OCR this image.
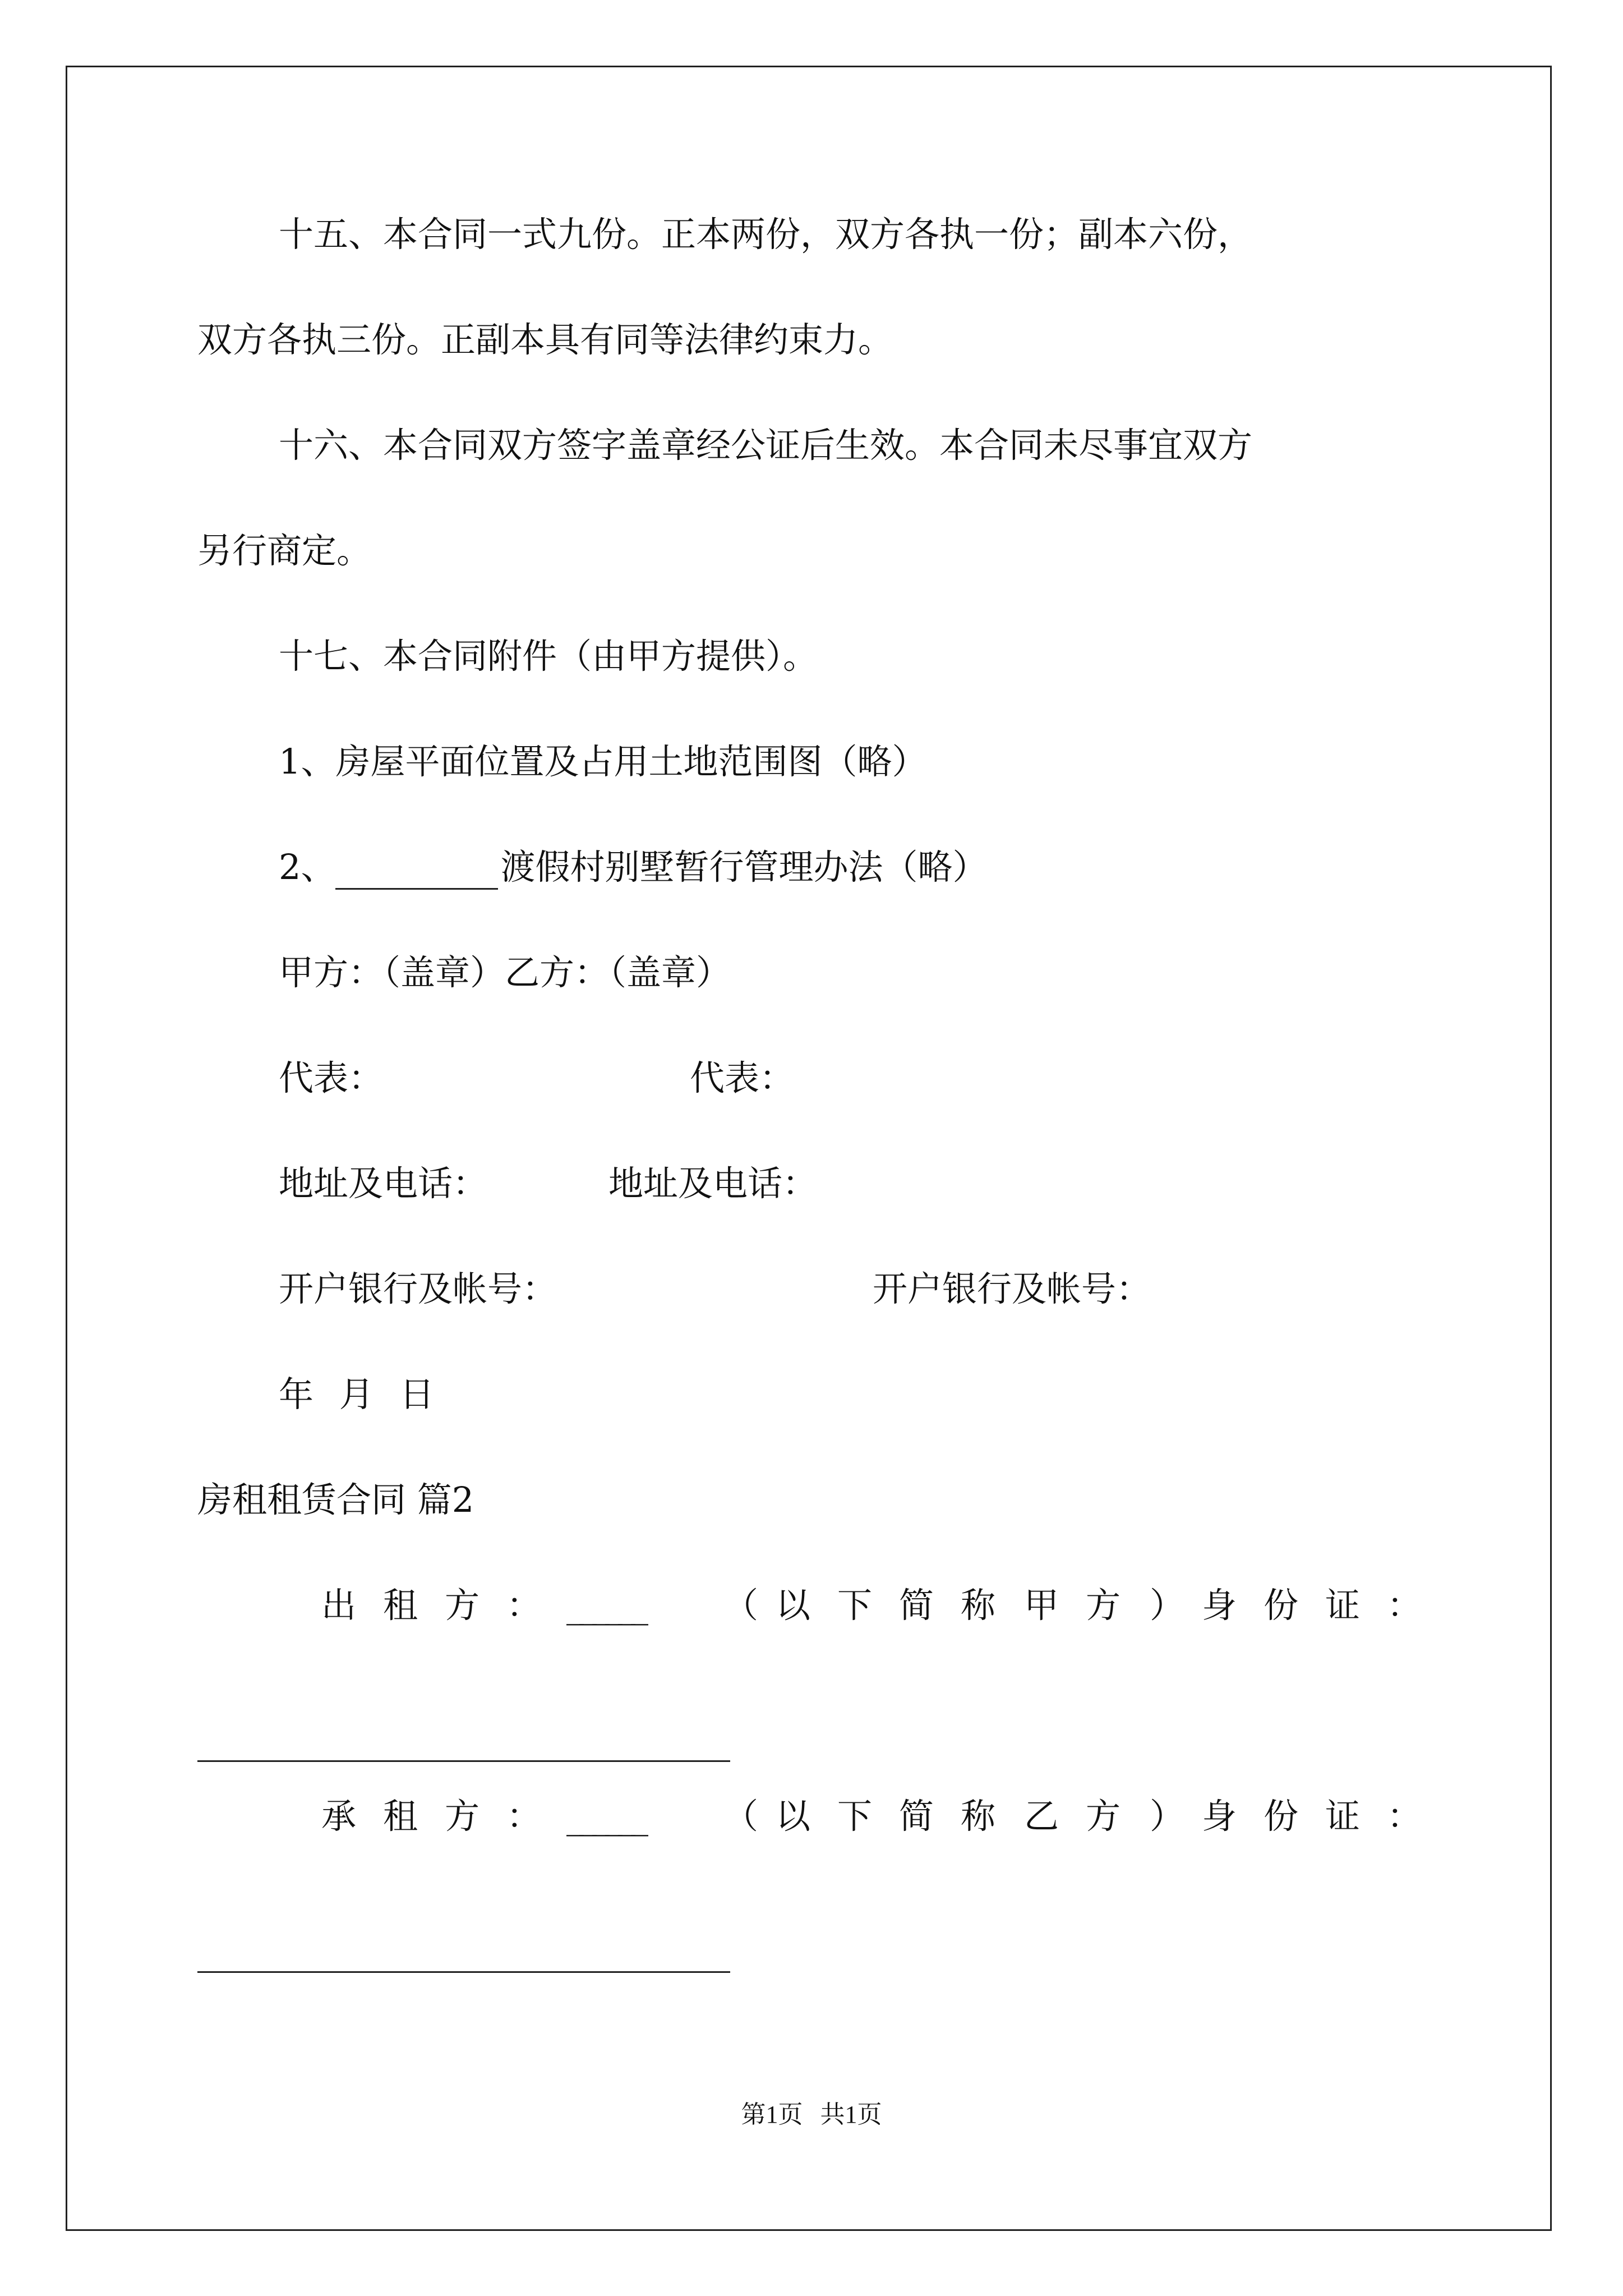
十五、本合同一式九份。正本两份，双方各执一份；副本六份，
双方各执三份。正副本具有同等法律约束力。
十六、本合同双方签字盖章经公证后生效。本合同未尽事宜双方
另行商定。
十七、本合同附件（由甲方提供）。
1、房屋平面位置及占用土地范围图（略）
2、	渡假村别墅暂行管理办法（略）
甲方：（盖章）乙方：（盖章）
代表：	代表：
地址及电话：	地址及电话：
开户银行及帐号：	开户银行及帐号：
年 月 日
房租租赁合同 篇2
出 租 方 ： ______ （ 以 下 简 称 甲 方 ） 身 份 证 ：
承 租 方 ： ______ （ 以 下 简 称 乙 方 ） 身 份 证 ：
第1页 共1页
